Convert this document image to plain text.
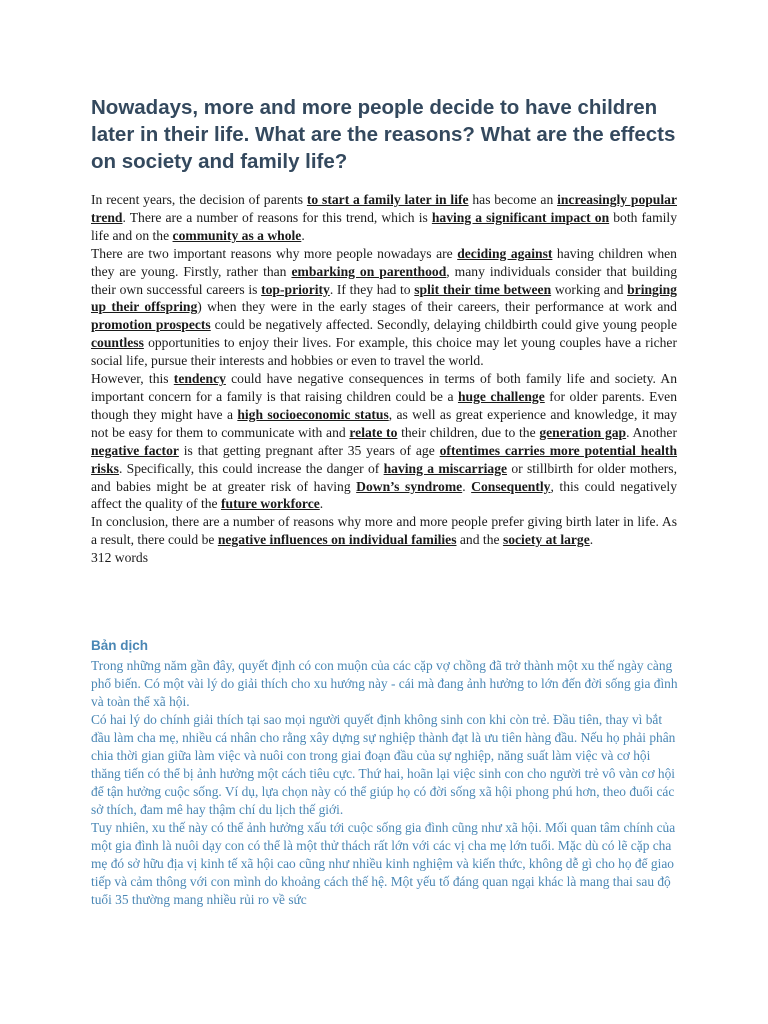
Nowadays, more and more people decide to have children later in their life. What are the reasons? What are the effects on society and family life?

In recent years, the decision of parents to start a family later in life has become an increasingly popular trend. There are a number of reasons for this trend, which is having a significant impact on both family life and on the community as a whole.

There are two important reasons why more people nowadays are deciding against having children when they are young. Firstly, rather than embarking on parenthood, many individuals consider that building their own successful careers is top-priority. If they had to split their time between working and bringing up their offspring) when they were in the early stages of their careers, their performance at work and promotion prospects could be negatively affected. Secondly, delaying childbirth could give young people countless opportunities to enjoy their lives. For example, this choice may let young couples have a richer social life, pursue their interests and hobbies or even to travel the world.

However, this tendency could have negative consequences in terms of both family life and society. An important concern for a family is that raising children could be a huge challenge for older parents. Even though they might have a high socioeconomic status, as well as great experience and knowledge, it may not be easy for them to communicate with and relate to their children, due to the generation gap. Another negative factor is that getting pregnant after 35 years of age oftentimes carries more potential health risks. Specifically, this could increase the danger of having a miscarriage or stillbirth for older mothers, and babies might be at greater risk of having Down’s syndrome. Consequently, this could negatively affect the quality of the future workforce.

In conclusion, there are a number of reasons why more and more people prefer giving birth later in life. As a result, there could be negative influences on individual families and the society at large.

312 words

Bản dịch

Trong những năm gần đây, quyết định có con muộn của các cặp vợ chồng đã trở thành một xu thế ngày càng phổ biến. Có một vài lý do giải thích cho xu hướng này - cái mà đang ảnh hưởng to lớn đến đời sống gia đình và toàn thể xã hội.

Có hai lý do chính giải thích tại sao mọi người quyết định không sinh con khi còn trẻ. Đầu tiên, thay vì bắt đầu làm cha mẹ, nhiều cá nhân cho rằng xây dựng sự nghiệp thành đạt là ưu tiên hàng đầu. Nếu họ phải phân chia thời gian giữa làm việc và nuôi con trong giai đoạn đầu của sự nghiệp, năng suất làm việc và cơ hội thăng tiến có thể bị ảnh hưởng một cách tiêu cực. Thứ hai, hoãn lại việc sinh con cho người trẻ vô vàn cơ hội để tận hưởng cuộc sống. Ví dụ, lựa chọn này có thể giúp họ có đời sống xã hội phong phú hơn, theo đuổi các sở thích, đam mê hay thậm chí du lịch thế giới.

Tuy nhiên, xu thế này có thể ảnh hưởng xấu tới cuộc sống gia đình cũng như xã hội. Mối quan tâm chính của một gia đình là nuôi dạy con có thể là một thử thách rất lớn với các vị cha mẹ lớn tuổi. Mặc dù có lẽ cặp cha mẹ đó sở hữu địa vị kinh tế xã hội cao cũng như nhiều kinh nghiệm và kiến thức, không dễ gì cho họ để giao tiếp và cảm thông với con mình do khoảng cách thế hệ. Một yếu tố đáng quan ngại khác là mang thai sau độ tuổi 35 thường mang nhiều rủi ro về sức
